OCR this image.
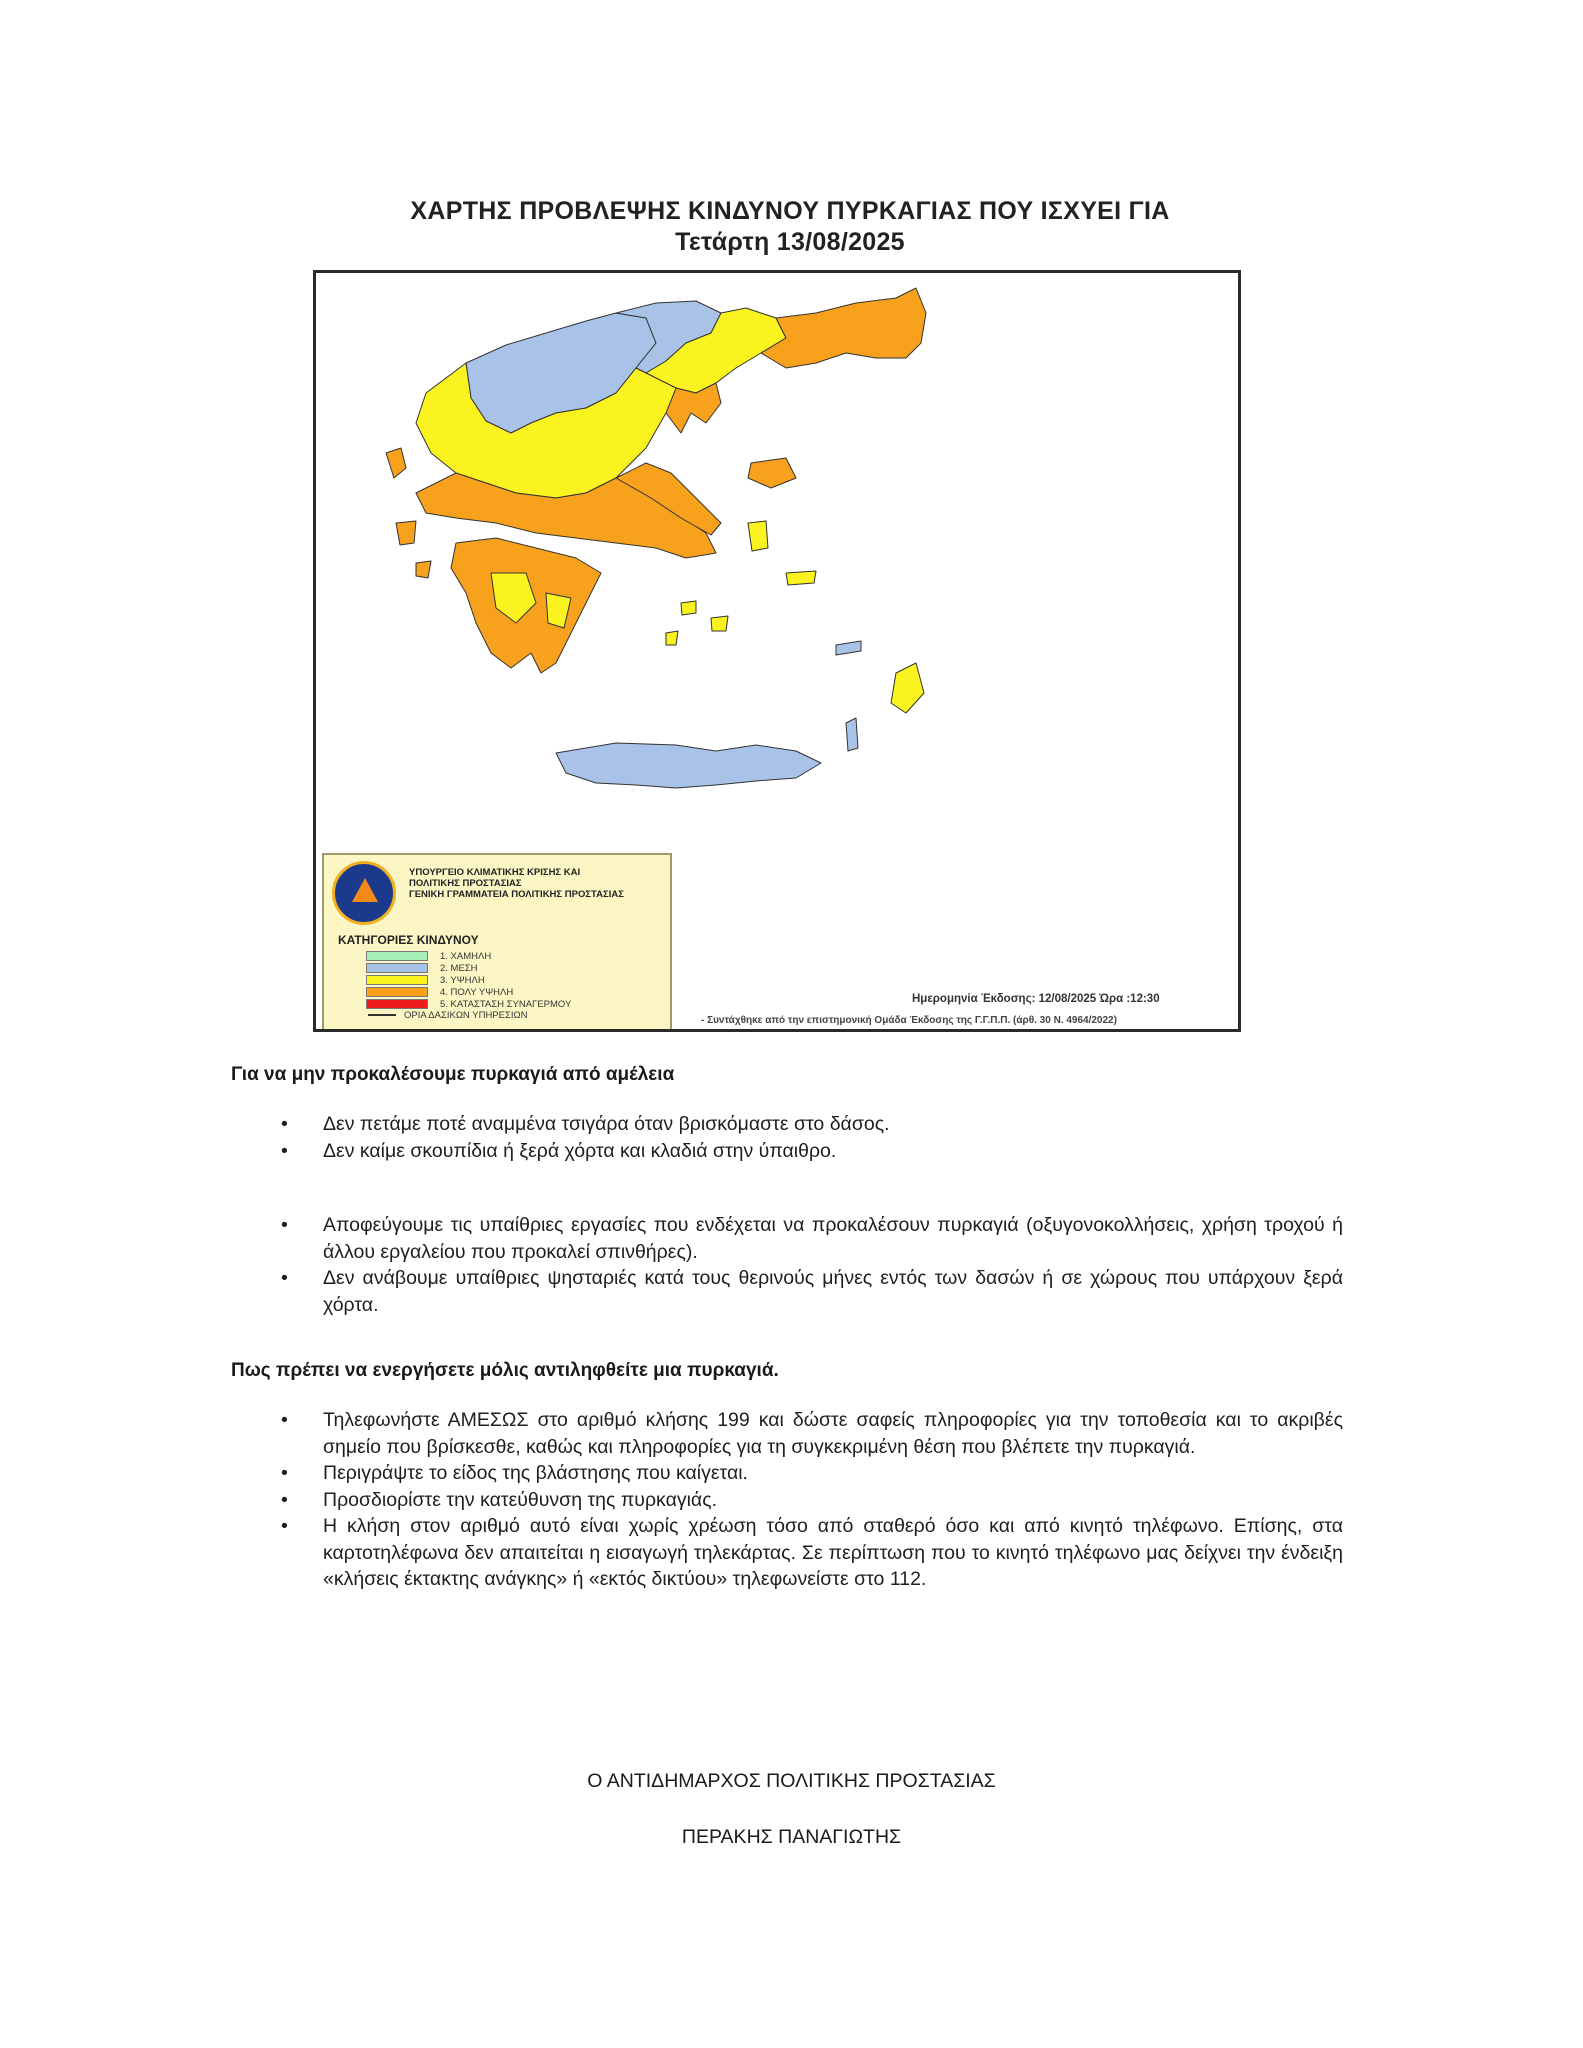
ΧΑΡΤΗΣ ΠΡΟΒΛΕΨΗΣ ΚΙΝΔΥΝΟΥ ΠΥΡΚΑΓΙΑΣ ΠΟΥ ΙΣΧΥΕΙ ΓΙΑ
Τετάρτη 13/08/2025
ΥΠΟΥΡΓΕΙΟ ΚΛΙΜΑΤΙΚΗΣ ΚΡΙΣΗΣ ΚΑΙ
ΠΟΛΙΤΙΚΗΣ ΠΡΟΣΤΑΣΙΑΣ
ΓΕΝΙΚΗ ΓΡΑΜΜΑΤΕΙΑ ΠΟΛΙΤΙΚΗΣ ΠΡΟΣΤΑΣΙΑΣ
ΚΑΤΗΓΟΡΙΕΣ ΚΙΝΔΥΝΟΥ
1. ΧΑΜΗΛΗ
2. ΜΕΣΗ
3. ΥΨΗΛΗ
4. ΠΟΛΥ ΥΨΗΛΗ
5. ΚΑΤΑΣΤΑΣΗ ΣΥΝΑΓΕΡΜΟΥ
ΟΡΙΑ ΔΑΣΙΚΩΝ ΥΠΗΡΕΣΙΩΝ
Ημερομηνία Έκδοσης: 12/08/2025 Ώρα :12:30
- Συντάχθηκε από την επιστημονική Ομάδα Έκδοσης της Γ.Γ.Π.Π. (άρθ. 30 Ν. 4964/2022)
Για να μην προκαλέσουμε πυρκαγιά από αμέλεια
• Δεν πετάμε ποτέ αναμμένα τσιγάρα όταν βρισκόμαστε στο δάσος.
• Δεν καίμε σκουπίδια ή ξερά χόρτα και κλαδιά στην ύπαιθρο.
• Αποφεύγουμε τις υπαίθριες εργασίες που ενδέχεται να προκαλέσουν πυρκαγιά (οξυγονοκολλήσεις, χρήση τροχού ή άλλου εργαλείου που προκαλεί σπινθήρες).
• Δεν ανάβουμε υπαίθριες ψησταριές κατά τους θερινούς μήνες εντός των δασών ή σε χώρους που υπάρχουν ξερά χόρτα.
Πως πρέπει να ενεργήσετε μόλις αντιληφθείτε μια πυρκαγιά.
• Τηλεφωνήστε ΑΜΕΣΩΣ στο αριθμό κλήσης 199 και δώστε σαφείς πληροφορίες για την τοποθεσία και το ακριβές σημείο που βρίσκεσθε, καθώς και πληροφορίες για τη συγκεκριμένη θέση που βλέπετε την πυρκαγιά.
• Περιγράψτε το είδος της βλάστησης που καίγεται.
• Προσδιορίστε την κατεύθυνση της πυρκαγιάς.
• Η κλήση στον αριθμό αυτό είναι χωρίς χρέωση τόσο από σταθερό όσο και από κινητό τηλέφωνο. Επίσης, στα καρτοτηλέφωνα δεν απαιτείται η εισαγωγή τηλεκάρτας. Σε περίπτωση που το κινητό τηλέφωνο μας δείχνει την ένδειξη «κλήσεις έκτακτης ανάγκης» ή «εκτός δικτύου» τηλεφωνείστε στο 112.
Ο ΑΝΤΙΔΗΜΑΡΧΟΣ ΠΟΛΙΤΙΚΗΣ ΠΡΟΣΤΑΣΙΑΣ
ΠΕΡΑΚΗΣ ΠΑΝΑΓΙΩΤΗΣ
